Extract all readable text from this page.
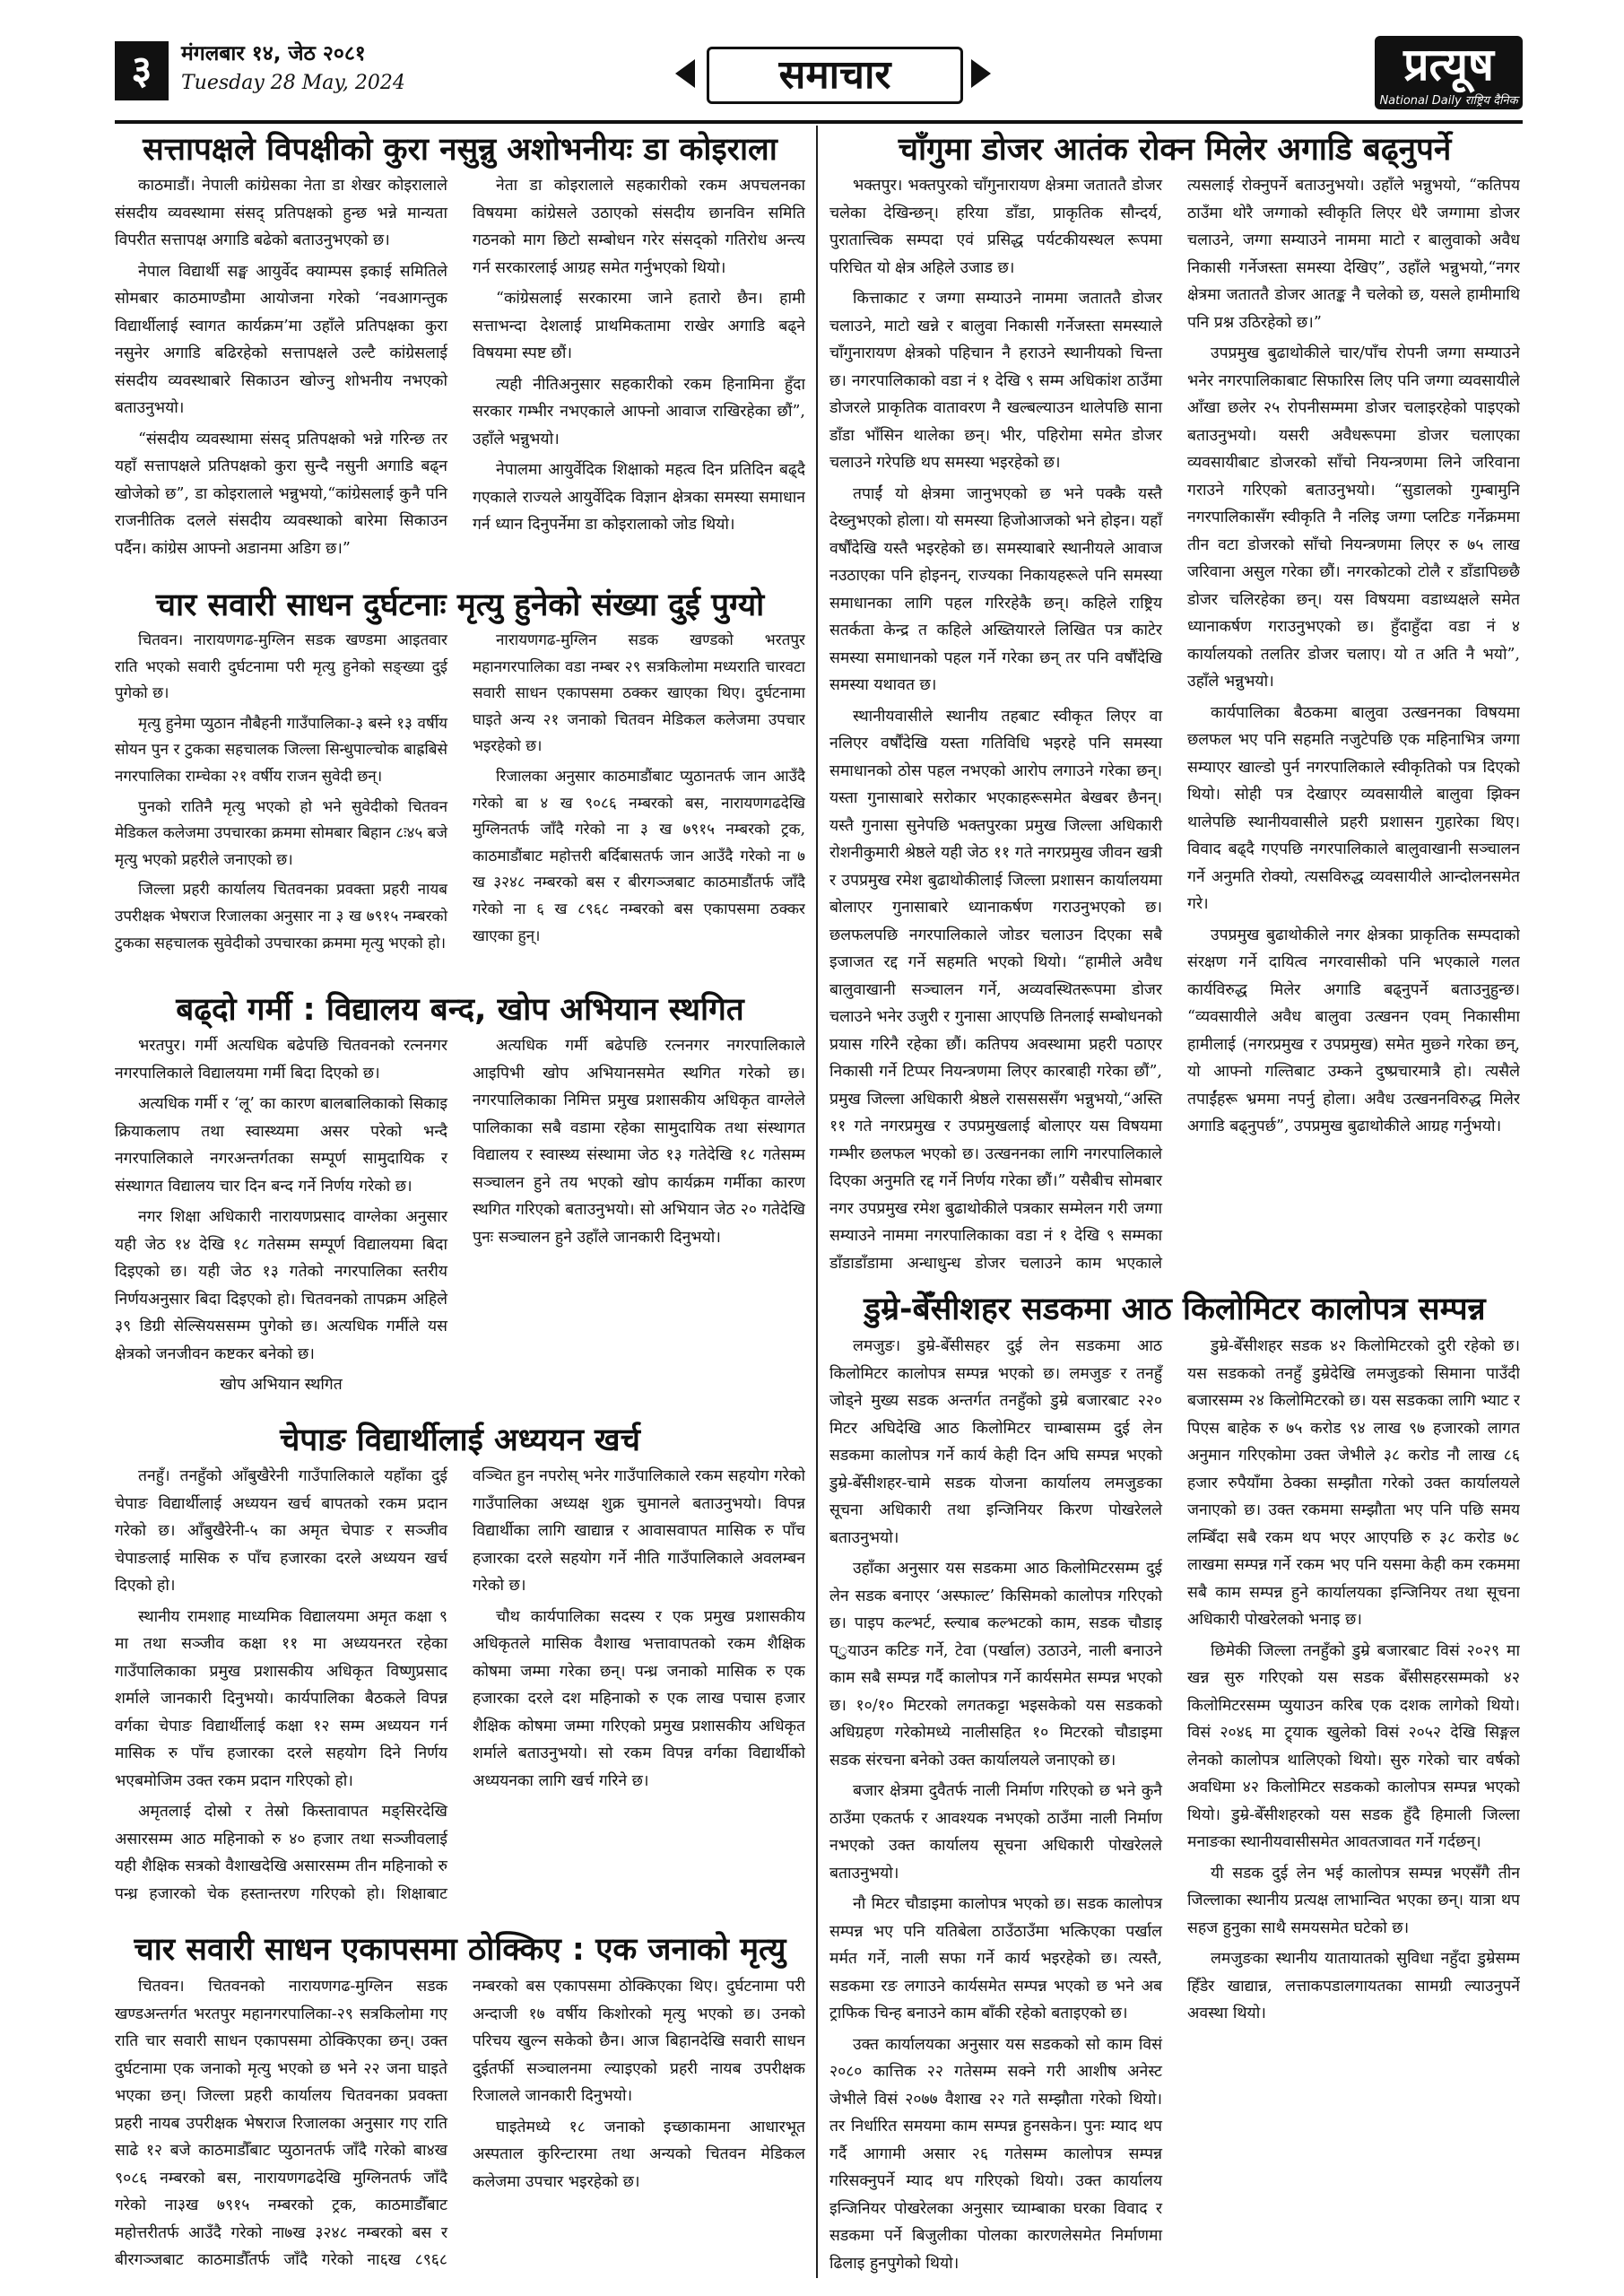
३	मंगलबार १४, जेठ २०८१
Tuesday 28 May, 2024	समाचार	प्रत्यूष
National Daily राष्ट्रिय दैनिक
सत्तापक्षले विपक्षीको कुरा नसुन्नु अशोभनीयः डा कोइराला

काठमाडौं। नेपाली कांग्रेसका नेता डा शेखर कोइरालाले संसदीय व्यवस्थामा संसद् प्रतिपक्षको हुन्छ भन्ने मान्यता विपरीत सत्तापक्ष अगाडि बढेको बताउनुभएको छ।

नेपाल विद्यार्थी सङ्घ आयुर्वेद क्याम्पस इकाई समितिले सोमबार काठमाण्डौमा आयोजना गरेको ‘नवआगन्तुक विद्यार्थीलाई स्वागत कार्यक्रम’मा उहाँले प्रतिपक्षका कुरा नसुनेर अगाडि बढिरहेको सत्तापक्षले उल्टै कांग्रेसलाई संसदीय व्यवस्थाबारे सिकाउन खोज्नु शोभनीय नभएको बताउनुभयो।

“संसदीय व्यवस्थामा संसद् प्रतिपक्षको भन्ने गरिन्छ तर यहाँ सत्तापक्षले प्रतिपक्षको कुरा सुन्दै नसुनी अगाडि बढ्न खोजेको छ”, डा कोइरालाले भन्नुभयो,“कांग्रेसलाई कुनै पनि राजनीतिक दलले संसदीय व्यवस्थाको बारेमा सिकाउन पर्दैन। कांग्रेस आफ्नो अडानमा अडिग छ।”

नेता डा कोइरालाले सहकारीको रकम अपचलनका विषयमा कांग्रेसले उठाएको संसदीय छानविन समिति गठनको माग छिटो सम्बोधन गरेर संसद्को गतिरोध अन्त्य गर्न सरकारलाई आग्रह समेत गर्नुभएको थियो।

“कांग्रेसलाई सरकारमा जाने हतारो छैन। हामी सत्ताभन्दा देशलाई प्राथमिकतामा राखेर अगाडि बढ्ने विषयमा स्पष्ट छौं।

त्यही नीतिअनुसार सहकारीको रकम हिनामिना हुँदा सरकार गम्भीर नभएकाले आफ्नो आवाज राखिरहेका छौं”, उहाँले भन्नुभयो।

नेपालमा आयुर्वेदिक शिक्षाको महत्व दिन प्रतिदिन बढ्दै गएकाले राज्यले आयुर्वेदिक विज्ञान क्षेत्रका समस्या समाधान गर्न ध्यान दिनुपर्नेमा डा कोइरालाको जोड थियो।

चार सवारी साधन दुर्घटनाः मृत्यु हुनेको संख्या दुई पुग्यो

चितवन। नारायणगढ-मुग्लिन सडक खण्डमा आइतवार राति भएको सवारी दुर्घटनामा परी मृत्यु हुनेको सङ्ख्या दुई पुगेको छ।

मृत्यु हुनेमा प्युठान नौबैहनी गाउँपालिका-३ बस्ने १३ वर्षीय सोयन पुन र टुकका सहचालक जिल्ला सिन्धुपाल्चोक बाह्रबिसे नगरपालिका राम्चेका २१ वर्षीय राजन सुवेदी छन्।

पुनको रातिनै मृत्यु भएको हो भने सुवेदीको चितवन मेडिकल कलेजमा उपचारका क्रममा सोमबार बिहान ८ः४५ बजे मृत्यु भएको प्रहरीले जनाएको छ।

जिल्ला प्रहरी कार्यालय चितवनका प्रवक्ता प्रहरी नायब उपरीक्षक भेषराज रिजालका अनुसार ना ३ ख ७९१५ नम्बरको टुकका सहचालक सुवेदीको उपचारका क्रममा मृत्यु भएको हो।

नारायणगढ-मुग्लिन सडक खण्डको भरतपुर महानगरपालिका वडा नम्बर २९ सत्रकिलोमा मध्यराति चारवटा सवारी साधन एकापसमा ठक्कर खाएका थिए। दुर्घटनामा घाइते अन्य २१ जनाको चितवन मेडिकल कलेजमा उपचार भइरहेको छ।

रिजालका अनुसार काठमाडौंबाट प्युठानतर्फ जान आउँदै गरेको बा ४ ख ९०८६ नम्बरको बस, नारायणगढदेखि मुग्लिनतर्फ जाँदै गरेको ना ३ ख ७९१५ नम्बरको ट्रक, काठमाडौंबाट महोत्तरी बर्दिबासतर्फ जान आउँदै गरेको ना ७ ख ३२४८ नम्बरको बस र बीरगञ्जबाट काठमाडौंतर्फ जाँदै गरेको ना ६ ख ८९६८ नम्बरको बस एकापसमा ठक्कर खाएका हुन्।

बढ्दो गर्मी : विद्यालय बन्द, खोप अभियान स्थगित

भरतपुर। गर्मी अत्यधिक बढेपछि चितवनको रत्ननगर नगरपालिकाले विद्यालयमा गर्मी बिदा दिएको छ।

अत्यधिक गर्मी र ‘लू’ का कारण बालबालिकाको सिकाइ क्रियाकलाप तथा स्वास्थ्यमा असर परेको भन्दै नगरपालिकाले नगरअन्तर्गतका सम्पूर्ण सामुदायिक र संस्थागत विद्यालय चार दिन बन्द गर्ने निर्णय गरेको छ।

नगर शिक्षा अधिकारी नारायणप्रसाद वाग्लेका अनुसार यही जेठ १४ देखि १८ गतेसम्म सम्पूर्ण विद्यालयमा बिदा दिइएको छ। यही जेठ १३ गतेको नगरपालिका स्तरीय निर्णयअनुसार बिदा दिइएको हो। चितवनको तापक्रम अहिले ३९ डिग्री सेल्सियससम्म पुगेको छ। अत्यधिक गर्मीले यस क्षेत्रको जनजीवन कष्टकर बनेको छ।

खोप अभियान स्थगित

अत्यधिक गर्मी बढेपछि रत्ननगर नगरपालिकाले आइपिभी खोप अभियानसमेत स्थगित गरेको छ। नगरपालिकाका निमित्त प्रमुख प्रशासकीय अधिकृत वाग्लेले पालिकाका सबै वडामा रहेका सामुदायिक तथा संस्थागत विद्यालय र स्वास्थ्य संस्थामा जेठ १३ गतेदेखि १८ गतेसम्म सञ्चालन हुने तय भएको खोप कार्यक्रम गर्मीका कारण स्थगित गरिएको बताउनुभयो। सो अभियान जेठ २० गतेदेखि पुनः सञ्चालन हुने उहाँले जानकारी दिनुभयो।

चेपाङ विद्यार्थीलाई अध्ययन खर्च

तनहुँ। तनहुँको आँबुखैरेनी गाउँपालिकाले यहाँका दुई चेपाङ विद्यार्थीलाई अध्ययन खर्च बापतको रकम प्रदान गरेको छ। आँबुखैरेनी-५ का अमृत चेपाङ र सञ्जीव चेपाङलाई मासिक रु पाँच हजारका दरले अध्ययन खर्च दिएको हो।

स्थानीय रामशाह माध्यमिक विद्यालयमा अमृत कक्षा ९ मा तथा सञ्जीव कक्षा ११ मा अध्ययनरत रहेका गाउँपालिकाका प्रमुख प्रशासकीय अधिकृत विष्णुप्रसाद शर्माले जानकारी दिनुभयो। कार्यपालिका बैठकले विपन्न वर्गका चेपाङ विद्यार्थीलाई कक्षा १२ सम्म अध्ययन गर्न मासिक रु पाँच हजारका दरले सहयोग दिने निर्णय भएबमोजिम उक्त रकम प्रदान गरिएको हो।

अमृतलाई दोस्रो र तेस्रो किस्तावापत मङ्सिरदेखि असारसम्म आठ महिनाको रु ४० हजार तथा सञ्जीवलाई यही शैक्षिक सत्रको वैशाखदेखि असारसम्म तीन महिनाको रु पन्ध्र हजारको चेक हस्तान्तरण गरिएको हो। शिक्षाबाट वञ्चित हुन नपरोस् भनेर गाउँपालिकाले रकम सहयोग गरेको गाउँपालिका अध्यक्ष शुक्र चुमानले बताउनुभयो। विपन्न विद्यार्थीका लागि खाद्यान्न र आवासवापत मासिक रु पाँच हजारका दरले सहयोग गर्ने नीति गाउँपालिकाले अवलम्बन गरेको छ।

चौथ कार्यपालिका सदस्य र एक प्रमुख प्रशासकीय अधिकृतले मासिक वैशाख भत्तावापतको रकम शैक्षिक कोषमा जम्मा गरेका छन्। पन्ध्र जनाको मासिक रु एक हजारका दरले दश महिनाको रु एक लाख पचास हजार शैक्षिक कोषमा जम्मा गरिएको प्रमुख प्रशासकीय अधिकृत शर्माले बताउनुभयो। सो रकम विपन्न वर्गका विद्यार्थीको अध्ययनका लागि खर्च गरिने छ।

चार सवारी साधन एकापसमा ठोक्किए : एक जनाको मृत्यु

चितवन। चितवनको नारायणगढ-मुग्लिन सडक खण्डअन्तर्गत भरतपुर महानगरपालिका-२९ सत्रकिलोमा गए राति चार सवारी साधन एकापसमा ठोक्किएका छन्। उक्त दुर्घटनामा एक जनाको मृत्यु भएको छ भने २२ जना घाइते भएका छन्। जिल्ला प्रहरी कार्यालय चितवनका प्रवक्ता प्रहरी नायब उपरीक्षक भेषराज रिजालका अनुसार गए राति साढे १२ बजे काठमाडौँबाट प्युठानतर्फ जाँदै गरेको बा४ख ९०८६ नम्बरको बस, नारायणगढदेखि मुग्लिनतर्फ जाँदै गरेको ना३ख ७९१५ नम्बरको ट्रक, काठमाडौँबाट महोत्तरीतर्फ आउँदै गरेको ना७ख ३२४८ नम्बरको बस र बीरगञ्जबाट काठमाडौँतर्फ जाँदै गरेको ना६ख ८९६८ नम्बरको बस एकापसमा ठोक्किएका थिए। दुर्घटनामा परी अन्दाजी १७ वर्षीय किशोरको मृत्यु भएको छ। उनको परिचय खुल्न सकेको छैन। आज बिहानदेखि सवारी साधन दुईतर्फी सञ्चालनमा ल्याइएको प्रहरी नायब उपरीक्षक रिजालले जानकारी दिनुभयो।

घाइतेमध्ये १८ जनाको इच्छाकामना आधारभूत अस्पताल कुरिन्टारमा तथा अन्यको चितवन मेडिकल कलेजमा उपचार भइरहेको छ।

चाँगुमा डोजर आतंक रोक्न मिलेर अगाडि बढ्नुपर्ने

भक्तपुर। भक्तपुरको चाँगुनारायण क्षेत्रमा जताततै डोजर चलेका देखिन्छन्। हरिया डाँडा, प्राकृतिक सौन्दर्य, पुरातात्त्विक सम्पदा एवं प्रसिद्ध पर्यटकीयस्थल रूपमा परिचित यो क्षेत्र अहिले उजाड छ।

कित्ताकाट र जग्गा सम्याउने नाममा जताततै डोजर चलाउने, माटो खन्ने र बालुवा निकासी गर्नेजस्ता समस्याले चाँगुनारायण क्षेत्रको पहिचान नै हराउने स्थानीयको चिन्ता छ। नगरपालिकाको वडा नं १ देखि ९ सम्म अधिकांश ठाउँमा डोजरले प्राकृतिक वातावरण नै खल्बल्याउन थालेपछि साना डाँडा भाँसिन थालेका छन्। भीर, पहिरोमा समेत डोजर चलाउने गरेपछि थप समस्या भइरहेको छ।

तपाईं यो क्षेत्रमा जानुभएको छ भने पक्कै यस्तै देख्नुभएको होला। यो समस्या हिजोआजको भने होइन। यहाँ वर्षौंदेखि यस्तै भइरहेको छ। समस्याबारे स्थानीयले आवाज नउठाएका पनि होइनन्, राज्यका निकायहरूले पनि समस्या समाधानका लागि पहल गरिरहेकै छन्। कहिले राष्ट्रिय सतर्कता केन्द्र त कहिले अख्तियारले लिखित पत्र काटेर समस्या समाधानको पहल गर्ने गरेका छन् तर पनि वर्षौंदेखि समस्या यथावत छ।

स्थानीयवासीले स्थानीय तहबाट स्वीकृत लिएर वा नलिएर वर्षौंदेखि यस्ता गतिविधि भइरहे पनि समस्या समाधानको ठोस पहल नभएको आरोप लगाउने गरेका छन्। यस्ता गुनासाबारे सरोकार भएकाहरूसमेत बेखबर छैनन्। यस्तै गुनासा सुनेपछि भक्तपुरका प्रमुख जिल्ला अधिकारी रोशनीकुमारी श्रेष्ठले यही जेठ ११ गते नगरप्रमुख जीवन खत्री र उपप्रमुख रमेश बुढाथोकीलाई जिल्ला प्रशासन कार्यालयमा बोलाएर गुनासाबारे ध्यानाकर्षण गराउनुभएको छ। छलफलपछि नगरपालिकाले जोडर चलाउन दिएका सबै इजाजत रद्द गर्ने सहमति भएको थियो। “हामीले अवैध बालुवाखानी सञ्चालन गर्ने, अव्यवस्थितरूपमा डोजर चलाउने भनेर उजुरी र गुनासा आएपछि तिनलाई सम्बोधनको प्रयास गरिनै रहेका छौं। कतिपय अवस्थामा प्रहरी पठाएर निकासी गर्ने टिप्पर नियन्त्रणमा लिएर कारबाही गरेका छौं”, प्रमुख जिल्ला अधिकारी श्रेष्ठले राससससँग भन्नुभयो,“अस्ति ११ गते नगरप्रमुख र उपप्रमुखलाई बोलाएर यस विषयमा गम्भीर छलफल भएको छ। उत्खननका लागि नगरपालिकाले दिएका अनुमति रद्द गर्ने निर्णय गरेका छौं।” यसैबीच सोमबार नगर उपप्रमुख रमेश बुढाथोकीले पत्रकार सम्मेलन गरी जग्गा सम्याउने नाममा नगरपालिकाका वडा नं १ देखि ९ सम्मका डाँडाडाँडामा अन्धाधुन्ध डोजर चलाउने काम भएकाले त्यसलाई रोक्नुपर्ने बताउनुभयो। उहाँले भन्नुभयो, “कतिपय ठाउँमा थोरै जग्गाको स्वीकृति लिएर धेरै जग्गामा डोजर चलाउने, जग्गा सम्याउने नाममा माटो र बालुवाको अवैध निकासी गर्नेजस्ता समस्या देखिए”, उहाँले भन्नुभयो,“नगर क्षेत्रमा जताततै डोजर आतङ्क नै चलेको छ, यसले हामीमाथि पनि प्रश्न उठिरहेको छ।”

उपप्रमुख बुढाथोकीले चार/पाँच रोपनी जग्गा सम्याउने भनेर नगरपालिकाबाट सिफारिस लिए पनि जग्गा व्यवसायीले आँखा छलेर २५ रोपनीसम्ममा डोजर चलाइरहेको पाइएको बताउनुभयो। यसरी अवैधरूपमा डोजर चलाएका व्यवसायीबाट डोजरको साँचो नियन्त्रणमा लिने जरिवाना गराउने गरिएको बताउनुभयो। “सुडालको गुम्बामुनि नगरपालिकासँग स्वीकृति नै नलिइ जग्गा प्लटिङ गर्नेक्रममा तीन वटा डोजरको साँचो नियन्त्रणमा लिएर रु ७५ लाख जरिवाना असुल गरेका छौं। नगरकोटको टोलै र डाँडापिछ्छै डोजर चलिरहेका छन्। यस विषयमा वडाध्यक्षले समेत ध्यानाकर्षण गराउनुभएको छ। हुँदाहुँदा वडा नं ४ कार्यालयको तलतिर डोजर चलाए। यो त अति नै भयो”, उहाँले भन्नुभयो।

कार्यपालिका बैठकमा बालुवा उत्खननका विषयमा छलफल भए पनि सहमति नजुटेपछि एक महिनाभित्र जग्गा सम्याएर खाल्डो पुर्न नगरपालिकाले स्वीकृतिको पत्र दिएको थियो। सोही पत्र देखाएर व्यवसायीले बालुवा झिक्न थालेपछि स्थानीयवासीले प्रहरी प्रशासन गुहारेका थिए। विवाद बढ्दै गएपछि नगरपालिकाले बालुवाखानी सञ्चालन गर्ने अनुमति रोक्यो, त्यसविरुद्ध व्यवसायीले आन्दोलनसमेत गरे।

उपप्रमुख बुढाथोकीले नगर क्षेत्रका प्राकृतिक सम्पदाको संरक्षण गर्ने दायित्व नगरवासीको पनि भएकाले गलत कार्यविरुद्ध मिलेर अगाडि बढ्नुपर्ने बताउनुहुन्छ। “व्यवसायीले अवैध बालुवा उत्खनन एवम् निकासीमा हामीलाई (नगरप्रमुख र उपप्रमुख) समेत मुछ्ने गरेका छन्, यो आफ्नो गल्तिबाट उम्कने दुष्प्रचारमात्रै हो। त्यसैले तपाईंहरू भ्रममा नपर्नु होला। अवैध उत्खननविरुद्ध मिलेर अगाडि बढ्नुपर्छ”, उपप्रमुख बुढाथोकीले आग्रह गर्नुभयो।

डुम्रे-बेँसीशहर सडकमा आठ किलोमिटर कालोपत्र सम्पन्न

लमजुङ। डुम्रे-बेँसीसहर दुई लेन सडकमा आठ किलोमिटर कालोपत्र सम्पन्न भएको छ। लमजुङ र तनहुँ जोड्ने मुख्य सडक अन्तर्गत तनहुँको डुम्रे बजारबाट २२० मिटर अघिदेखि आठ किलोमिटर चाम्बासम्म दुई लेन सडकमा कालोपत्र गर्ने कार्य केही दिन अघि सम्पन्न भएको डुम्रे-बेँसीशहर-चामे सडक योजना कार्यालय लमजुङका सूचना अधिकारी तथा इन्जिनियर किरण पोखरेलले बताउनुभयो।

उहाँका अनुसार यस सडकमा आठ किलोमिटरसम्म दुई लेन सडक बनाएर ‘अस्फाल्ट’ किसिमको कालोपत्र गरिएको छ। पाइप कल्भर्ट, स्ल्याब कल्भटको काम, सडक चौडाइ प्ुयाउन कटिङ गर्ने, टेवा (पर्खाल) उठाउने, नाली बनाउने काम सबै सम्पन्न गर्दै कालोपत्र गर्ने कार्यसमेत सम्पन्न भएको छ। १०/१० मिटरको लगतकट्टा भइसकेको यस सडकको अधिग्रहण गरेकोमध्ये नालीसहित १० मिटरको चौडाइमा सडक संरचना बनेको उक्त कार्यालयले जनाएको छ।

बजार क्षेत्रमा दुवैतर्फ नाली निर्माण गरिएको छ भने कुनै ठाउँमा एकतर्फ र आवश्यक नभएको ठाउँमा नाली निर्माण नभएको उक्त कार्यालय सूचना अधिकारी पोखरेलले बताउनुभयो।

नौ मिटर चौडाइमा कालोपत्र भएको छ। सडक कालोपत्र सम्पन्न भए पनि यतिबेला ठाउँठाउँमा भत्किएका पर्खाल मर्मत गर्ने, नाली सफा गर्ने कार्य भइरहेको छ। त्यस्तै, सडकमा रङ लगाउने कार्यसमेत सम्पन्न भएको छ भने अब ट्राफिक चिन्ह बनाउने काम बाँकी रहेको बताइएको छ।

उक्त कार्यालयका अनुसार यस सडकको सो काम विसं २०८० कात्तिक २२ गतेसम्म सक्ने गरी आशीष अनेस्ट जेभीले विसं २०७७ वैशाख २२ गते सम्झौता गरेको थियो। तर निर्धारित समयमा काम सम्पन्न हुनसकेन। पुनः म्याद थप गर्दै आगामी असार २६ गतेसम्म कालोपत्र सम्पन्न गरिसक्नुपर्ने म्याद थप गरिएको थियो। उक्त कार्यालय इन्जिनियर पोखरेलका अनुसार च्याम्बाका घरका विवाद र सडकमा पर्ने बिजुलीका पोलका कारणलेसमेत निर्माणमा ढिलाइ हुनपुगेको थियो।

डुम्रे-बेँसीशहर सडक ४२ किलोमिटरको दुरी रहेको छ। यस सडकको तनहुँ डुम्रेदेखि लमजुङको सिमाना पाउँदी बजारसम्म २४ किलोमिटरको छ। यस सडकका लागि भ्याट र पिएस बाहेक रु ७५ करोड ९४ लाख ९७ हजारको लागत अनुमान गरिएकोमा उक्त जेभीले ३८ करोड नौ लाख ८६ हजार रुपैयाँमा ठेक्का सम्झौता गरेको उक्त कार्यालयले जनाएको छ। उक्त रकममा सम्झौता भए पनि पछि समय लम्बिँदा सबै रकम थप भएर आएपछि रु ३८ करोड ७८ लाखमा सम्पन्न गर्ने रकम भए पनि यसमा केही कम रकममा सबै काम सम्पन्न हुने कार्यालयका इन्जिनियर तथा सूचना अधिकारी पोखरेलको भनाइ छ।

छिमेकी जिल्ला तनहुँको डुम्रे बजारबाट विसं २०२९ मा खन्न सुरु गरिएको यस सडक बेँसीसहरसम्मको ४२ किलोमिटरसम्म प्युयाउन करिब एक दशक लागेको थियो। विसं २०४६ मा ट्र्याक खुलेको विसं २०५२ देखि सिङ्गल लेनको कालोपत्र थालिएको थियो। सुरु गरेको चार वर्षको अवधिमा ४२ किलोमिटर सडकको कालोपत्र सम्पन्न भएको थियो। डुम्रे-बेँसीशहरको यस सडक हुँदै हिमाली जिल्ला मनाङका स्थानीयवासीसमेत आवतजावत गर्ने गर्दछन्।

यी सडक दुई लेन भई कालोपत्र सम्पन्न भएसँगै तीन जिल्लाका स्थानीय प्रत्यक्ष लाभान्वित भएका छन्। यात्रा थप सहज हुनुका साथै समयसमेत घटेको छ।

लमजुङका स्थानीय यातायातको सुविधा नहुँदा डुम्रेसम्म हिँडेर खाद्यान्न, लत्ताकपडालगायतका सामग्री ल्याउनुपर्ने अवस्था थियो।
